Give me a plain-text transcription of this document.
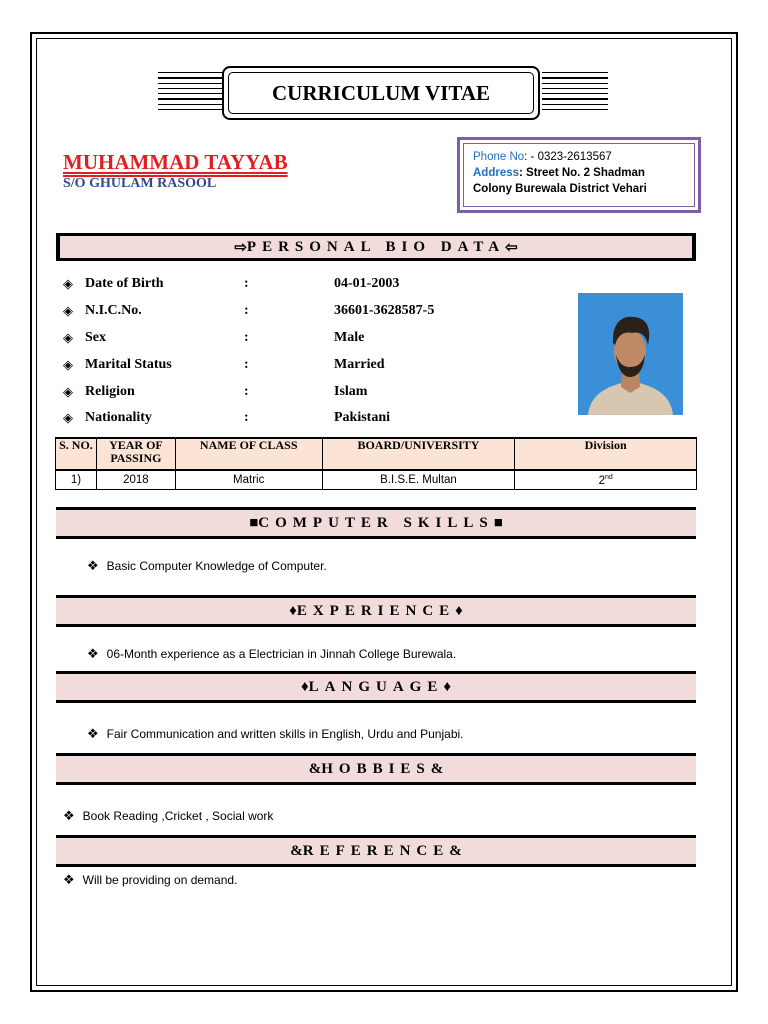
CURRICULUM VITAE
MUHAMMAD TAYYAB
S/O GHULAM RASOOL
Phone No: - 0323-2613567
Address: Street No. 2 Shadman
Colony Burewala District Vehari
⇨ PERSONAL BIO DATA ⇦
◈ Date of Birth	:	04-01-2003
◈ N.I.C.No.	:	36601-3628587-5
◈ Sex	:	Male
◈ Marital Status	:	Married
◈ Religion	:	Islam
◈ Nationality	:	Pakistani
S. NO.	YEAR OF PASSING	NAME OF CLASS	BOARD/UNIVERSITY	Division
1)	2018	Matric	B.I.S.E. Multan	2nd
■ COMPUTER SKILLS ■
❖ Basic Computer Knowledge of Computer.
♦ EXPERIENCE ♦
❖ 06-Month experience as a Electrician in Jinnah College Burewala.
♦ LANGUAGE ♦
❖ Fair Communication and written skills in English, Urdu and Punjabi.
& HOBBIES &
❖ Book Reading ,Cricket , Social work
& REFERENCE &
❖ Will be providing on demand.
